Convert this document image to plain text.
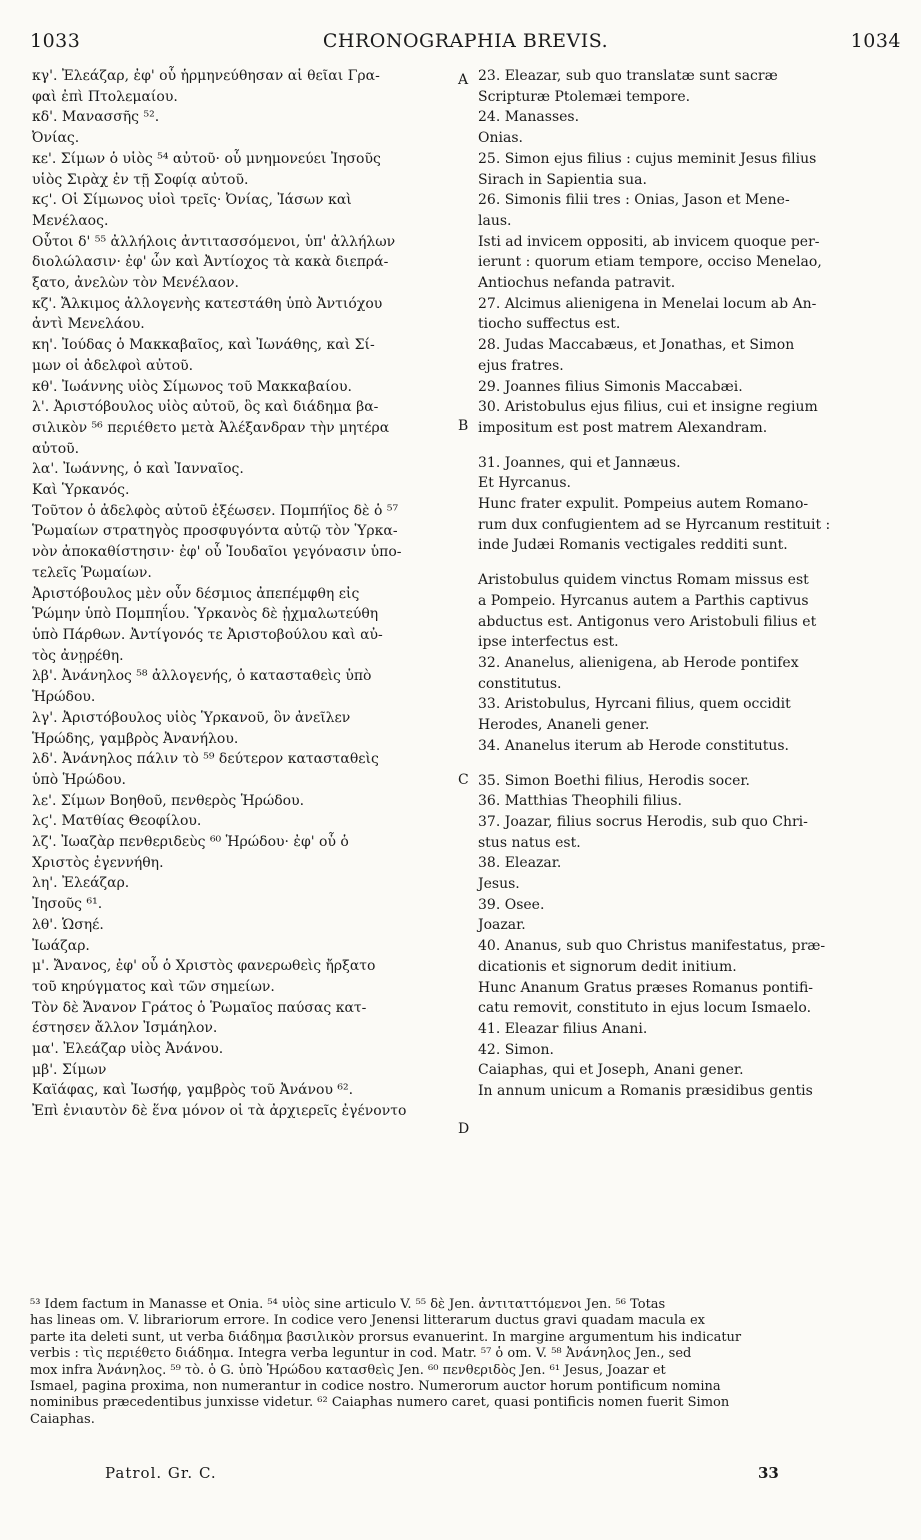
1033	CHRONOGRAPHIA BREVIS.	1034

κγ'. Ἐλεάζαρ, ἐφ' οὗ ἡρμηνεύθησαν αἱ θεῖαι Γρα-

φαὶ ἐπὶ Πτολεμαίου.

κδ'. Μανασσῆς ⁵².

Ὀνίας.

κε'. Σίμων ὁ υἱὸς ⁵⁴ αὐτοῦ· οὗ μνημονεύει Ἰησοῦς

υἱὸς Σιρὰχ ἐν τῇ Σοφίᾳ αὐτοῦ.

κϛ'. Οἱ Σίμωνος υἱοὶ τρεῖς· Ὀνίας, Ἰάσων καὶ

Μενέλαος.

Οὗτοι δ' ⁵⁵ ἀλλήλοις ἀντιτασσόμενοι, ὑπ' ἀλλήλων

διολώλασιν· ἐφ' ὧν καὶ Ἀντίοχος τὰ κακὰ διεπρά-

ξατο, ἀνελὼν τὸν Μενέλαον.

κζ'. Ἄλκιμος ἀλλογενὴς κατεστάθη ὑπὸ Ἀντιόχου

ἀντὶ Μενελάου.

κη'. Ἰούδας ὁ Μακκαβαῖος, καὶ Ἰωνάθης, καὶ Σί-

μων οἱ ἀδελφοὶ αὐτοῦ.

κθ'. Ἰωάννης υἱὸς Σίμωνος τοῦ Μακκαβαίου.

λ'. Ἀριστόβουλος υἱὸς αὐτοῦ, ὃς καὶ διάδημα βα-

σιλικὸν ⁵⁶ περιέθετο μετὰ Ἀλέξανδραν τὴν μητέρα

αὐτοῦ.

λα'. Ἰωάννης, ὁ καὶ Ἰανναῖος.

Καὶ Ὑρκανός.

Τοῦτον ὁ ἀδελφὸς αὐτοῦ ἐξέωσεν. Πομπήϊος δὲ ὁ ⁵⁷

Ῥωμαίων στρατηγὸς προσφυγόντα αὐτῷ τὸν Ὑρκα-

νὸν ἀποκαθίστησιν· ἐφ' οὗ Ἰουδαῖοι γεγόνασιν ὑπο-

τελεῖς Ῥωμαίων.

Ἀριστόβουλος μὲν οὖν δέσμιος ἀπεπέμφθη εἰς

Ῥώμην ὑπὸ Πομπηΐου. Ὑρκανὸς δὲ ᾐχμαλωτεύθη

ὑπὸ Πάρθων. Ἀντίγονός τε Ἀριστοβούλου καὶ αὐ-

τὸς ἀνῃρέθη.

λβ'. Ἀνάνηλος ⁵⁸ ἀλλογενής, ὁ κατασταθεὶς ὑπὸ

Ἡρώδου.

λγ'. Ἀριστόβουλος υἱὸς Ὑρκανοῦ, ὃν ἀνεῖλεν

Ἡρώδης, γαμβρὸς Ἀνανήλου.

λδ'. Ἀνάνηλος πάλιν τὸ ⁵⁹ δεύτερον κατασταθεὶς

ὑπὸ Ἡρώδου.

λε'. Σίμων Βοηθοῦ, πενθερὸς Ἡρώδου.

λϛ'. Ματθίας Θεοφίλου.

λζ'. Ἰωαζὰρ πενθεριδεὺς ⁶⁰ Ἡρώδου· ἐφ' οὗ ὁ

Χριστὸς ἐγεννήθη.

λη'. Ἐλεάζαρ.

Ἰησοῦς ⁶¹.

λθ'. Ὡσηέ.

Ἰωάζαρ.

μ'. Ἄνανος, ἐφ' οὗ ὁ Χριστὸς φανερωθεὶς ἤρξατο

τοῦ κηρύγματος καὶ τῶν σημείων.

Τὸν δὲ Ἄνανον Γράτος ὁ Ῥωμαῖος παύσας κατ-

έστησεν ἄλλον Ἰσμάηλον.

μα'. Ἐλεάζαρ υἱὸς Ἀνάνου.

μβ'. Σίμων

Καϊάφας, καὶ Ἰωσήφ, γαμβρὸς τοῦ Ἀνάνου ⁶².

Ἐπὶ ἐνιαυτὸν δὲ ἕνα μόνον οἱ τὰ ἀρχιερεῖς ἐγένοντο

23. Eleazar, sub quo translatæ sunt sacræ

Scripturæ Ptolemæi tempore.

24. Manasses.

Onias.

25. Simon ejus filius : cujus meminit Jesus filius

Sirach in Sapientia sua.

26. Simonis filii tres : Onias, Jason et Mene-

laus.

Isti ad invicem oppositi, ab invicem quoque per-

ierunt : quorum etiam tempore, occiso Menelao,

Antiochus nefanda patravit.

27. Alcimus alienigena in Menelai locum ab An-

tiocho suffectus est.

28. Judas Maccabæus, et Jonathas, et Simon

ejus fratres.

29. Joannes filius Simonis Maccabæi.

30. Aristobulus ejus filius, cui et insigne regium

impositum est post matrem Alexandram.

31. Joannes, qui et Jannæus.

Et Hyrcanus.

Hunc frater expulit. Pompeius autem Romano-

rum dux confugientem ad se Hyrcanum restituit :

inde Judæi Romanis vectigales redditi sunt.

Aristobulus quidem vinctus Romam missus est

a Pompeio. Hyrcanus autem a Parthis captivus

abductus est. Antigonus vero Aristobuli filius et

ipse interfectus est.

32. Ananelus, alienigena, ab Herode pontifex

constitutus.

33. Aristobulus, Hyrcani filius, quem occidit

Herodes, Ananeli gener.

34. Ananelus iterum ab Herode constitutus.

35. Simon Boethi filius, Herodis socer.

36. Matthias Theophili filius.

37. Joazar, filius socrus Herodis, sub quo Chri-

stus natus est.

38. Eleazar.

Jesus.

39. Osee.

Joazar.

40. Ananus, sub quo Christus manifestatus, præ-

dicationis et signorum dedit initium.

Hunc Ananum Gratus præses Romanus pontifi-

catu removit, constituto in ejus locum Ismaelo.

41. Eleazar filius Anani.

42. Simon.

Caiaphas, qui et Joseph, Anani gener.

In annum unicum a Romanis præsidibus gentis

A
B
C
D

⁵³ Idem factum in Manasse et Onia. ⁵⁴ υἱὸς sine articulo V. ⁵⁵ δὲ Jen. ἀντιταττόμενοι Jen. ⁵⁶ Totas

has lineas om. V. librariorum errore. In codice vero Jenensi litterarum ductus gravi quadam macula ex

parte ita deleti sunt, ut verba διάδημα βασιλικὸν prorsus evanuerint. In margine argumentum his indicatur

verbis : τὶς περιέθετο διάδημα. Integra verba leguntur in cod. Matr. ⁵⁷ ὁ om. V. ⁵⁸ Ἀνάνηλος Jen., sed

mox infra Ἀνάνηλος. ⁵⁹ τὸ. ὁ G. ὑπὸ Ἡρώδου κατασθεὶς Jen. ⁶⁰ πενθεριδὸς Jen. ⁶¹ Jesus, Joazar et

Ismael, pagina proxima, non numerantur in codice nostro. Numerorum auctor horum pontificum nomina

nominibus præcedentibus junxisse videtur. ⁶² Caiaphas numero caret, quasi pontificis nomen fuerit Simon

Caiaphas.

Patrol. Gr. C.	33
